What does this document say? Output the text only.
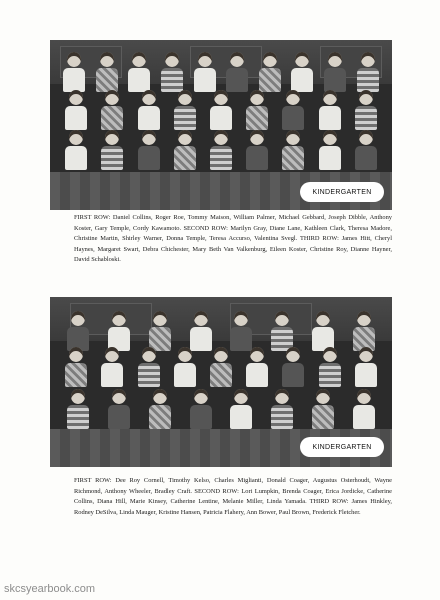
KINDERGARTEN
FIRST ROW: Daniel Collins, Roger Roe, Tommy Maison, William Palmer, Michael Gebbard, Joseph Dibble, Anthony Koster, Gary Temple, Cordy Kawamoto. SECOND ROW: Marilyn Gray, Diane Lane, Kathleen Clark, Theresa Madore, Christine Martin, Shirley Warner, Donna Temple, Teresa Accurso, Valentina Svegl. THIRD ROW: James Hitt, Cheryl Haynes, Margaret Swart, Debra Chichester, Mary Beth Van Valkenburg, Eileen Koster, Christine Roy, Dianne Hayner, David Schabloski.
KINDERGARTEN
FIRST ROW: Dee Roy Cornell, Timothy Kelso, Charles Miglianti, Donald Coager, Augustus Osterhoudt, Wayne Richmond, Anthony Wheeler, Bradley Craft. SECOND ROW: Lori Lumpkin, Brenda Coager, Erica Jordicke, Catherine Collins, Diana Hill, Marie Kinsey, Catherine Lentine, Melanie Miller, Linda Yamada. THIRD ROW: James Hinkley, Rodney DeSilva, Linda Mauger, Kristine Hansen, Patricia Flahery, Ann Bower, Paul Brown, Frederick Fletcher.
skcsyearbook.com
